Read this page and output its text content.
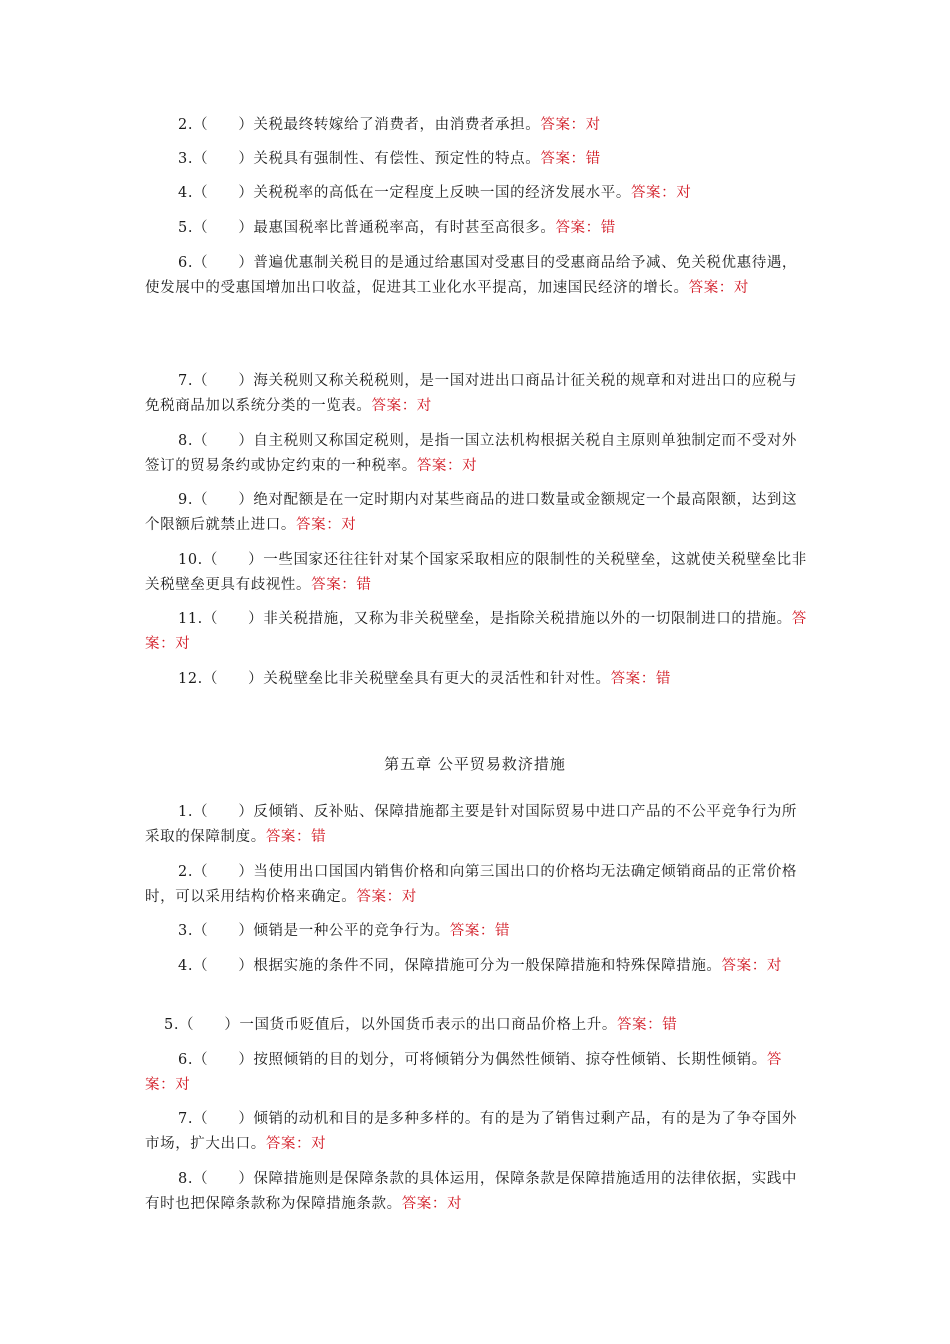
2.（　　）关税最终转嫁给了消费者，由消费者承担。答案：对

3.（　　）关税具有强制性、有偿性、预定性的特点。答案：错

4.（　　）关税税率的高低在一定程度上反映一国的经济发展水平。答案：对

5.（　　）最惠国税率比普通税率高，有时甚至高很多。答案：错

6.（　　）普遍优惠制关税目的是通过给惠国对受惠目的受惠商品给予减、免关税优惠待遇，使发展中的受惠国增加出口收益，促进其工业化水平提高，加速国民经济的增长。答案：对

7.（　　）海关税则又称关税税则，是一国对进出口商品计征关税的规章和对进出口的应税与免税商品加以系统分类的一览表。答案：对

8.（　　）自主税则又称国定税则，是指一国立法机构根据关税自主原则单独制定而不受对外签订的贸易条约或协定约束的一种税率。答案：对

9.（　　）绝对配额是在一定时期内对某些商品的进口数量或金额规定一个最高限额，达到这个限额后就禁止进口。答案：对

10.（　　）一些国家还往往针对某个国家采取相应的限制性的关税壁垒，这就使关税壁垒比非关税壁垒更具有歧视性。答案：错

11.（　　）非关税措施，又称为非关税壁垒，是指除关税措施以外的一切限制进口的措施。答案：对

12.（　　）关税壁垒比非关税壁垒具有更大的灵活性和针对性。答案：错

第五章 公平贸易救济措施

1.（　　）反倾销、反补贴、保障措施都主要是针对国际贸易中进口产品的不公平竞争行为所采取的保障制度。答案：错

2.（　　）当使用出口国国内销售价格和向第三国出口的价格均无法确定倾销商品的正常价格时，可以采用结构价格来确定。答案：对

3.（　　）倾销是一种公平的竞争行为。答案：错

4.（　　）根据实施的条件不同，保障措施可分为一般保障措施和特殊保障措施。答案：对

5.（　　）一国货币贬值后，以外国货币表示的出口商品价格上升。答案：错

6.（　　）按照倾销的目的划分，可将倾销分为偶然性倾销、掠夺性倾销、长期性倾销。答案：对

7.（　　）倾销的动机和目的是多种多样的。有的是为了销售过剩产品，有的是为了争夺国外市场，扩大出口。答案：对

8.（　　）保障措施则是保障条款的具体运用，保障条款是保障措施适用的法律依据，实践中有时也把保障条款称为保障措施条款。答案：对
